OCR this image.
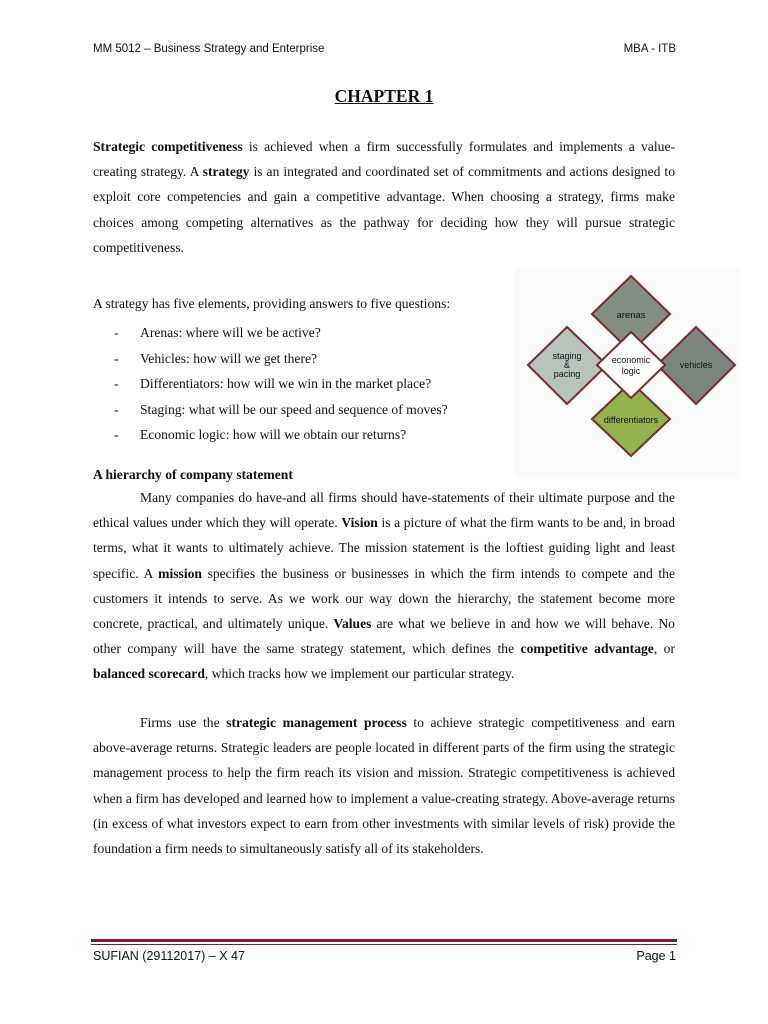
MM 5012 – Business Strategy and Enterprise	MBA - ITB
CHAPTER 1

Strategic competitiveness is achieved when a firm successfully formulates and implements a value-creating strategy. A strategy is an integrated and coordinated set of commitments and actions designed to exploit core competencies and gain a competitive advantage. When choosing a strategy, firms make choices among competing alternatives as the pathway for deciding how they will pursue strategic competitiveness.

A strategy has five elements, providing answers to five questions:
- Arenas: where will we be active?
- Vehicles: how will we get there?
- Differentiators: how will we win in the market place?
- Staging: what will be our speed and sequence of moves?
- Economic logic: how will we obtain our returns?
arenas
staging
&
pacing
economic
logic
vehicles
differentiators
A hierarchy of company statement

Many companies do have-and all firms should have-statements of their ultimate purpose and the ethical values under which they will operate. Vision is a picture of what the firm wants to be and, in broad terms, what it wants to ultimately achieve. The mission statement is the loftiest guiding light and least specific. A mission specifies the business or businesses in which the firm intends to compete and the customers it intends to serve. As we work our way down the hierarchy, the statement become more concrete, practical, and ultimately unique. Values are what we believe in and how we will behave. No other company will have the same strategy statement, which defines the competitive advantage, or balanced scorecard, which tracks how we implement our particular strategy.

Firms use the strategic management process to achieve strategic competitiveness and earn above-average returns. Strategic leaders are people located in different parts of the firm using the strategic management process to help the firm reach its vision and mission. Strategic competitiveness is achieved when a firm has developed and learned how to implement a value-creating strategy. Above-average returns (in excess of what investors expect to earn from other investments with similar levels of risk) provide the foundation a firm needs to simultaneously satisfy all of its stakeholders.

SUFIAN (29112017) – X 47	Page 1
